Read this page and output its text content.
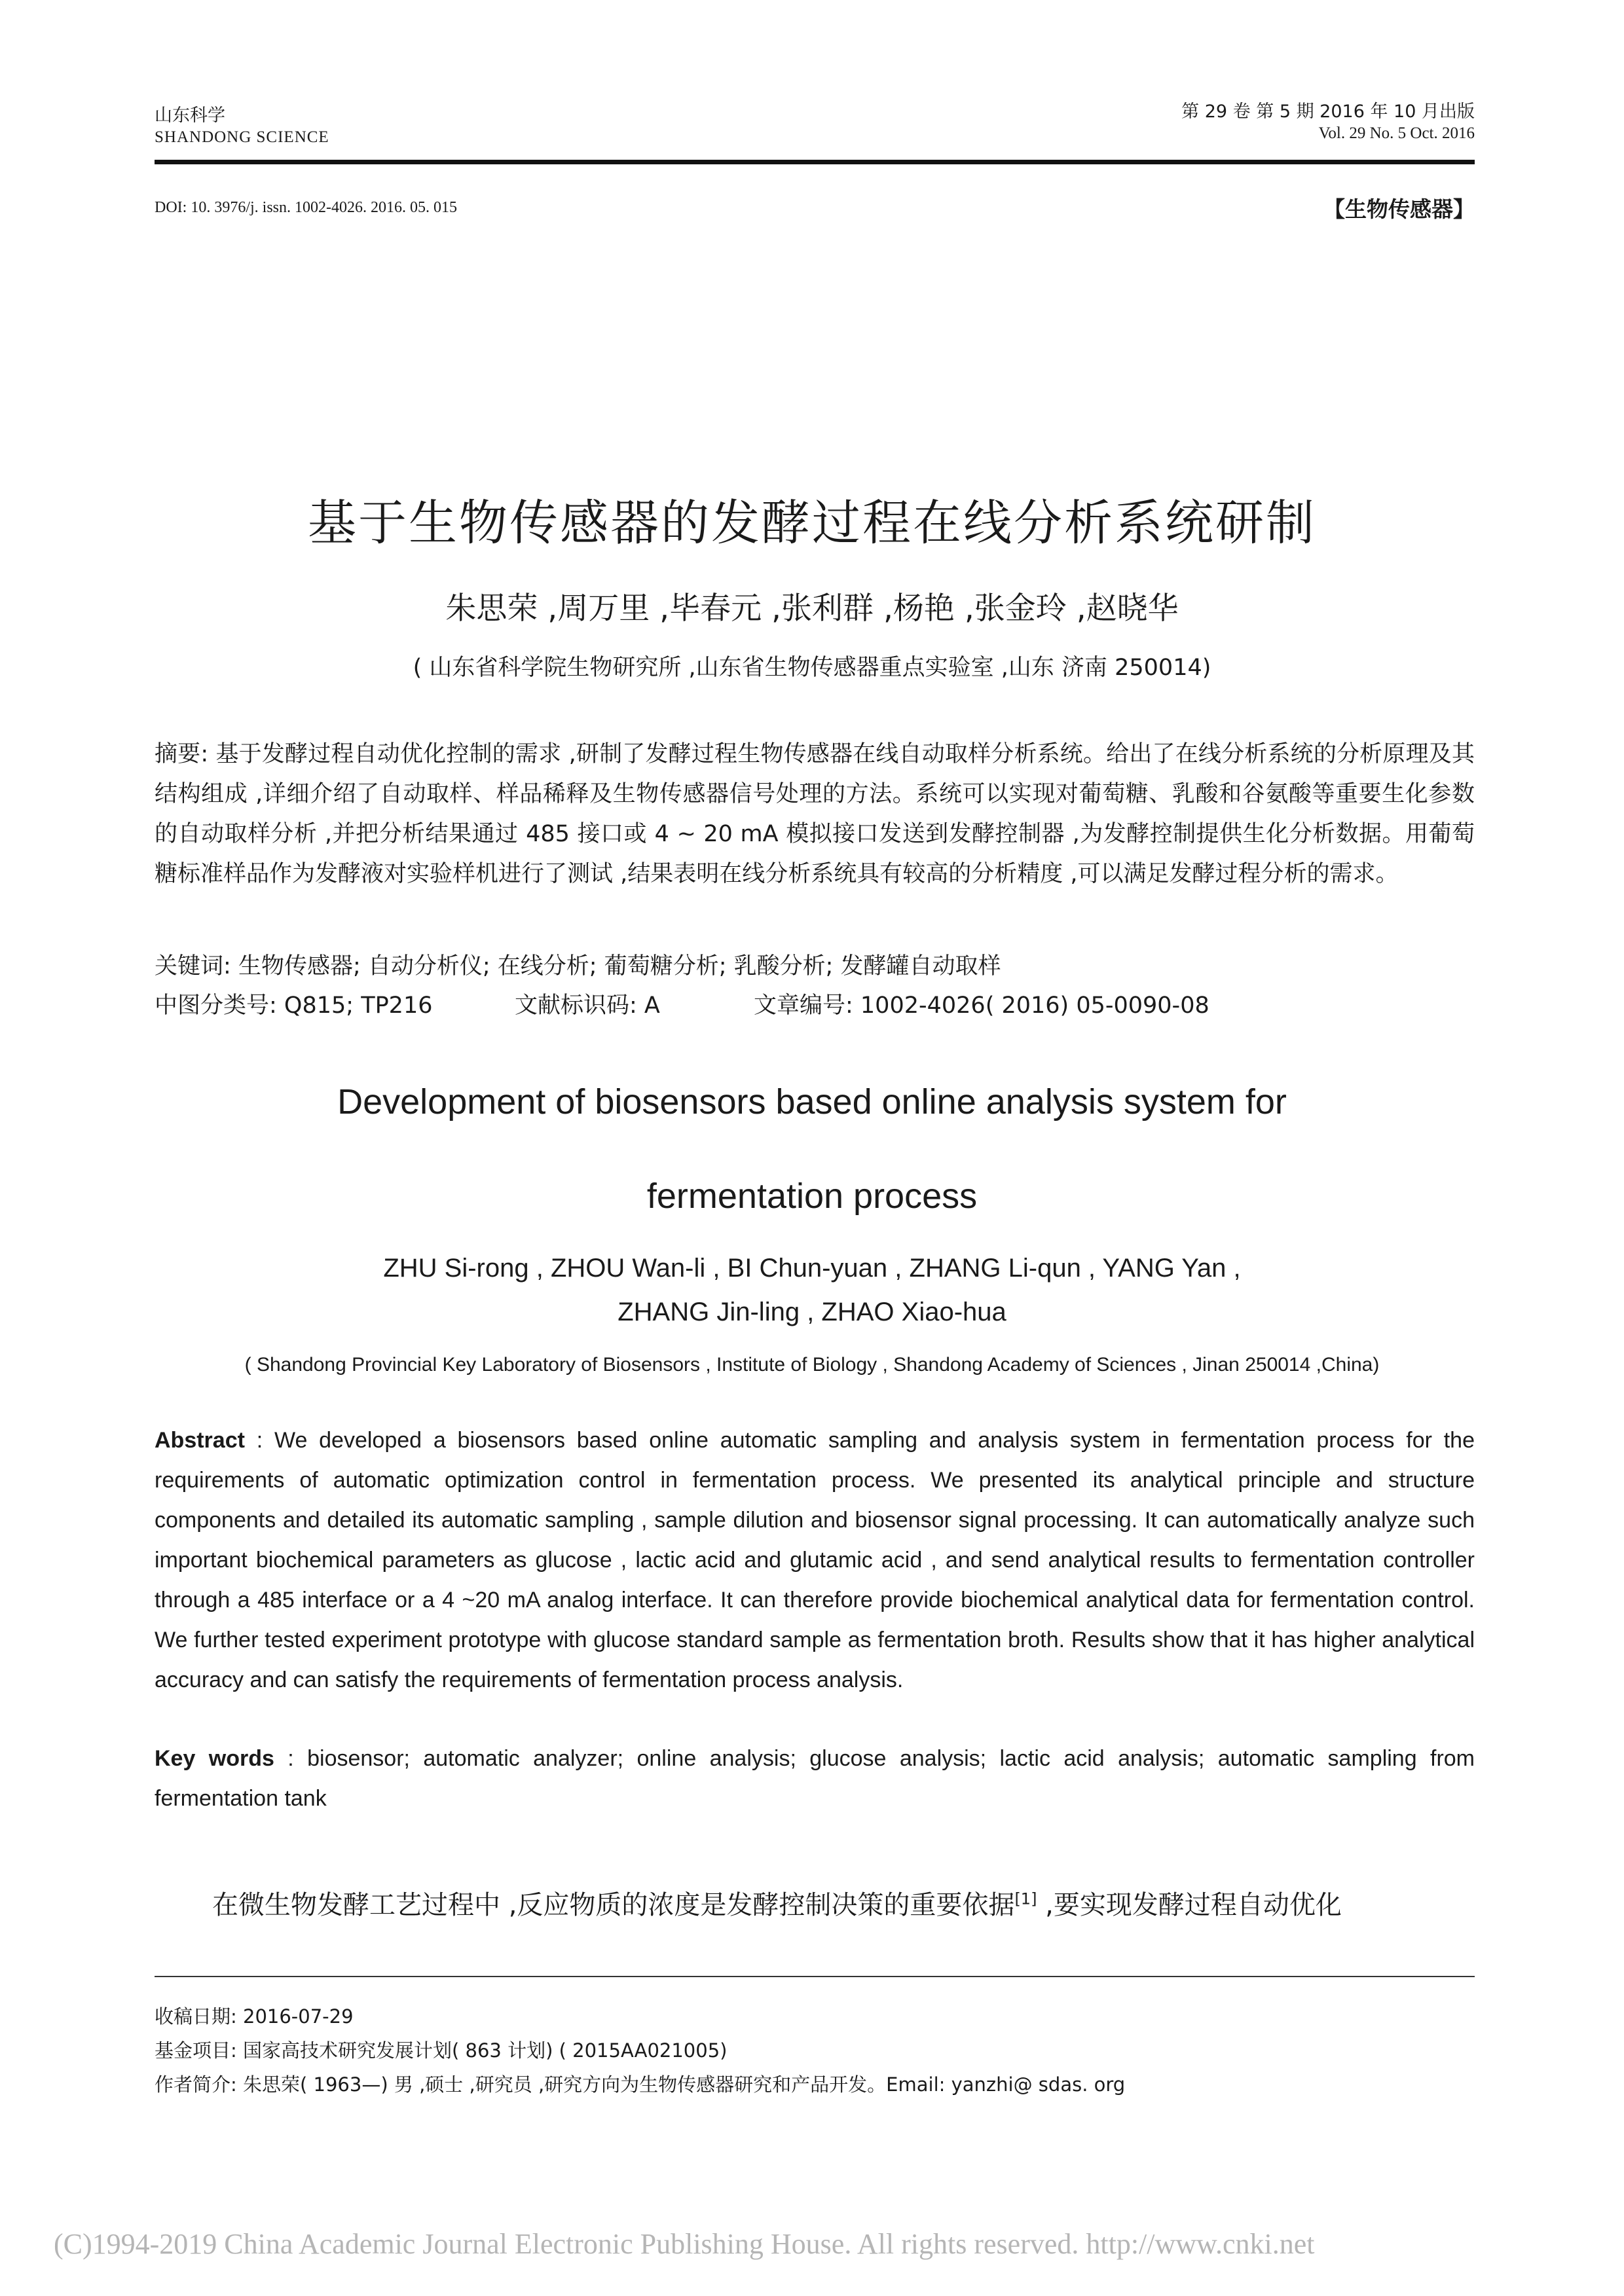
山东科学
SHANDONG SCIENCE
第 29 卷 第 5 期 2016 年 10 月出版
Vol. 29 No. 5 Oct. 2016
DOI: 10. 3976/j. issn. 1002-4026. 2016. 05. 015	【生物传感器】
基于生物传感器的发酵过程在线分析系统研制
朱思荣 ,周万里 ,毕春元 ,张利群 ,杨艳 ,张金玲 ,赵晓华
( 山东省科学院生物研究所 ,山东省生物传感器重点实验室 ,山东 济南 250014)
摘要: 基于发酵过程自动优化控制的需求 ,研制了发酵过程生物传感器在线自动取样分析系统。给出了在线分析系统的分析原理及其结构组成 ,详细介绍了自动取样、样品稀释及生物传感器信号处理的方法。系统可以实现对葡萄糖、乳酸和谷氨酸等重要生化参数的自动取样分析 ,并把分析结果通过 485 接口或 4 ~ 20 mA 模拟接口发送到发酵控制器 ,为发酵控制提供生化分析数据。用葡萄糖标准样品作为发酵液对实验样机进行了测试 ,结果表明在线分析系统具有较高的分析精度 ,可以满足发酵过程分析的需求。
关键词: 生物传感器; 自动分析仪; 在线分析; 葡萄糖分析; 乳酸分析; 发酵罐自动取样
中图分类号: Q815; TP216	文献标识码: A	文章编号: 1002-4026( 2016) 05-0090-08
Development of biosensors based online analysis system for
fermentation process
ZHU Si-rong , ZHOU Wan-li , BI Chun-yuan , ZHANG Li-qun , YANG Yan ,
ZHANG Jin-ling , ZHAO Xiao-hua
( Shandong Provincial Key Laboratory of Biosensors , Institute of Biology , Shandong Academy of Sciences , Jinan 250014 ,China)
Abstract : We developed a biosensors based online automatic sampling and analysis system in fermentation process for the requirements of automatic optimization control in fermentation process. We presented its analytical principle and structure components and detailed its automatic sampling , sample dilution and biosensor signal processing. It can automatically analyze such important biochemical parameters as glucose , lactic acid and glutamic acid , and send analytical results to fermentation controller through a 485 interface or a 4 ~20 mA analog interface. It can therefore provide biochemical analytical data for fermentation control. We further tested experiment prototype with glucose standard sample as fermentation broth. Results show that it has higher analytical accuracy and can satisfy the requirements of fermentation process analysis.
Key words : biosensor; automatic analyzer; online analysis; glucose analysis; lactic acid analysis; automatic sampling from fermentation tank
在微生物发酵工艺过程中 ,反应物质的浓度是发酵控制决策的重要依据[1] ,要实现发酵过程自动优化
收稿日期: 2016-07-29
基金项目: 国家高技术研究发展计划( 863 计划) ( 2015AA021005)
作者简介: 朱思荣( 1963—) 男 ,硕士 ,研究员 ,研究方向为生物传感器研究和产品开发。Email: yanzhi@ sdas. org
(C)1994-2019 China Academic Journal Electronic Publishing House. All rights reserved. http://www.cnki.net
